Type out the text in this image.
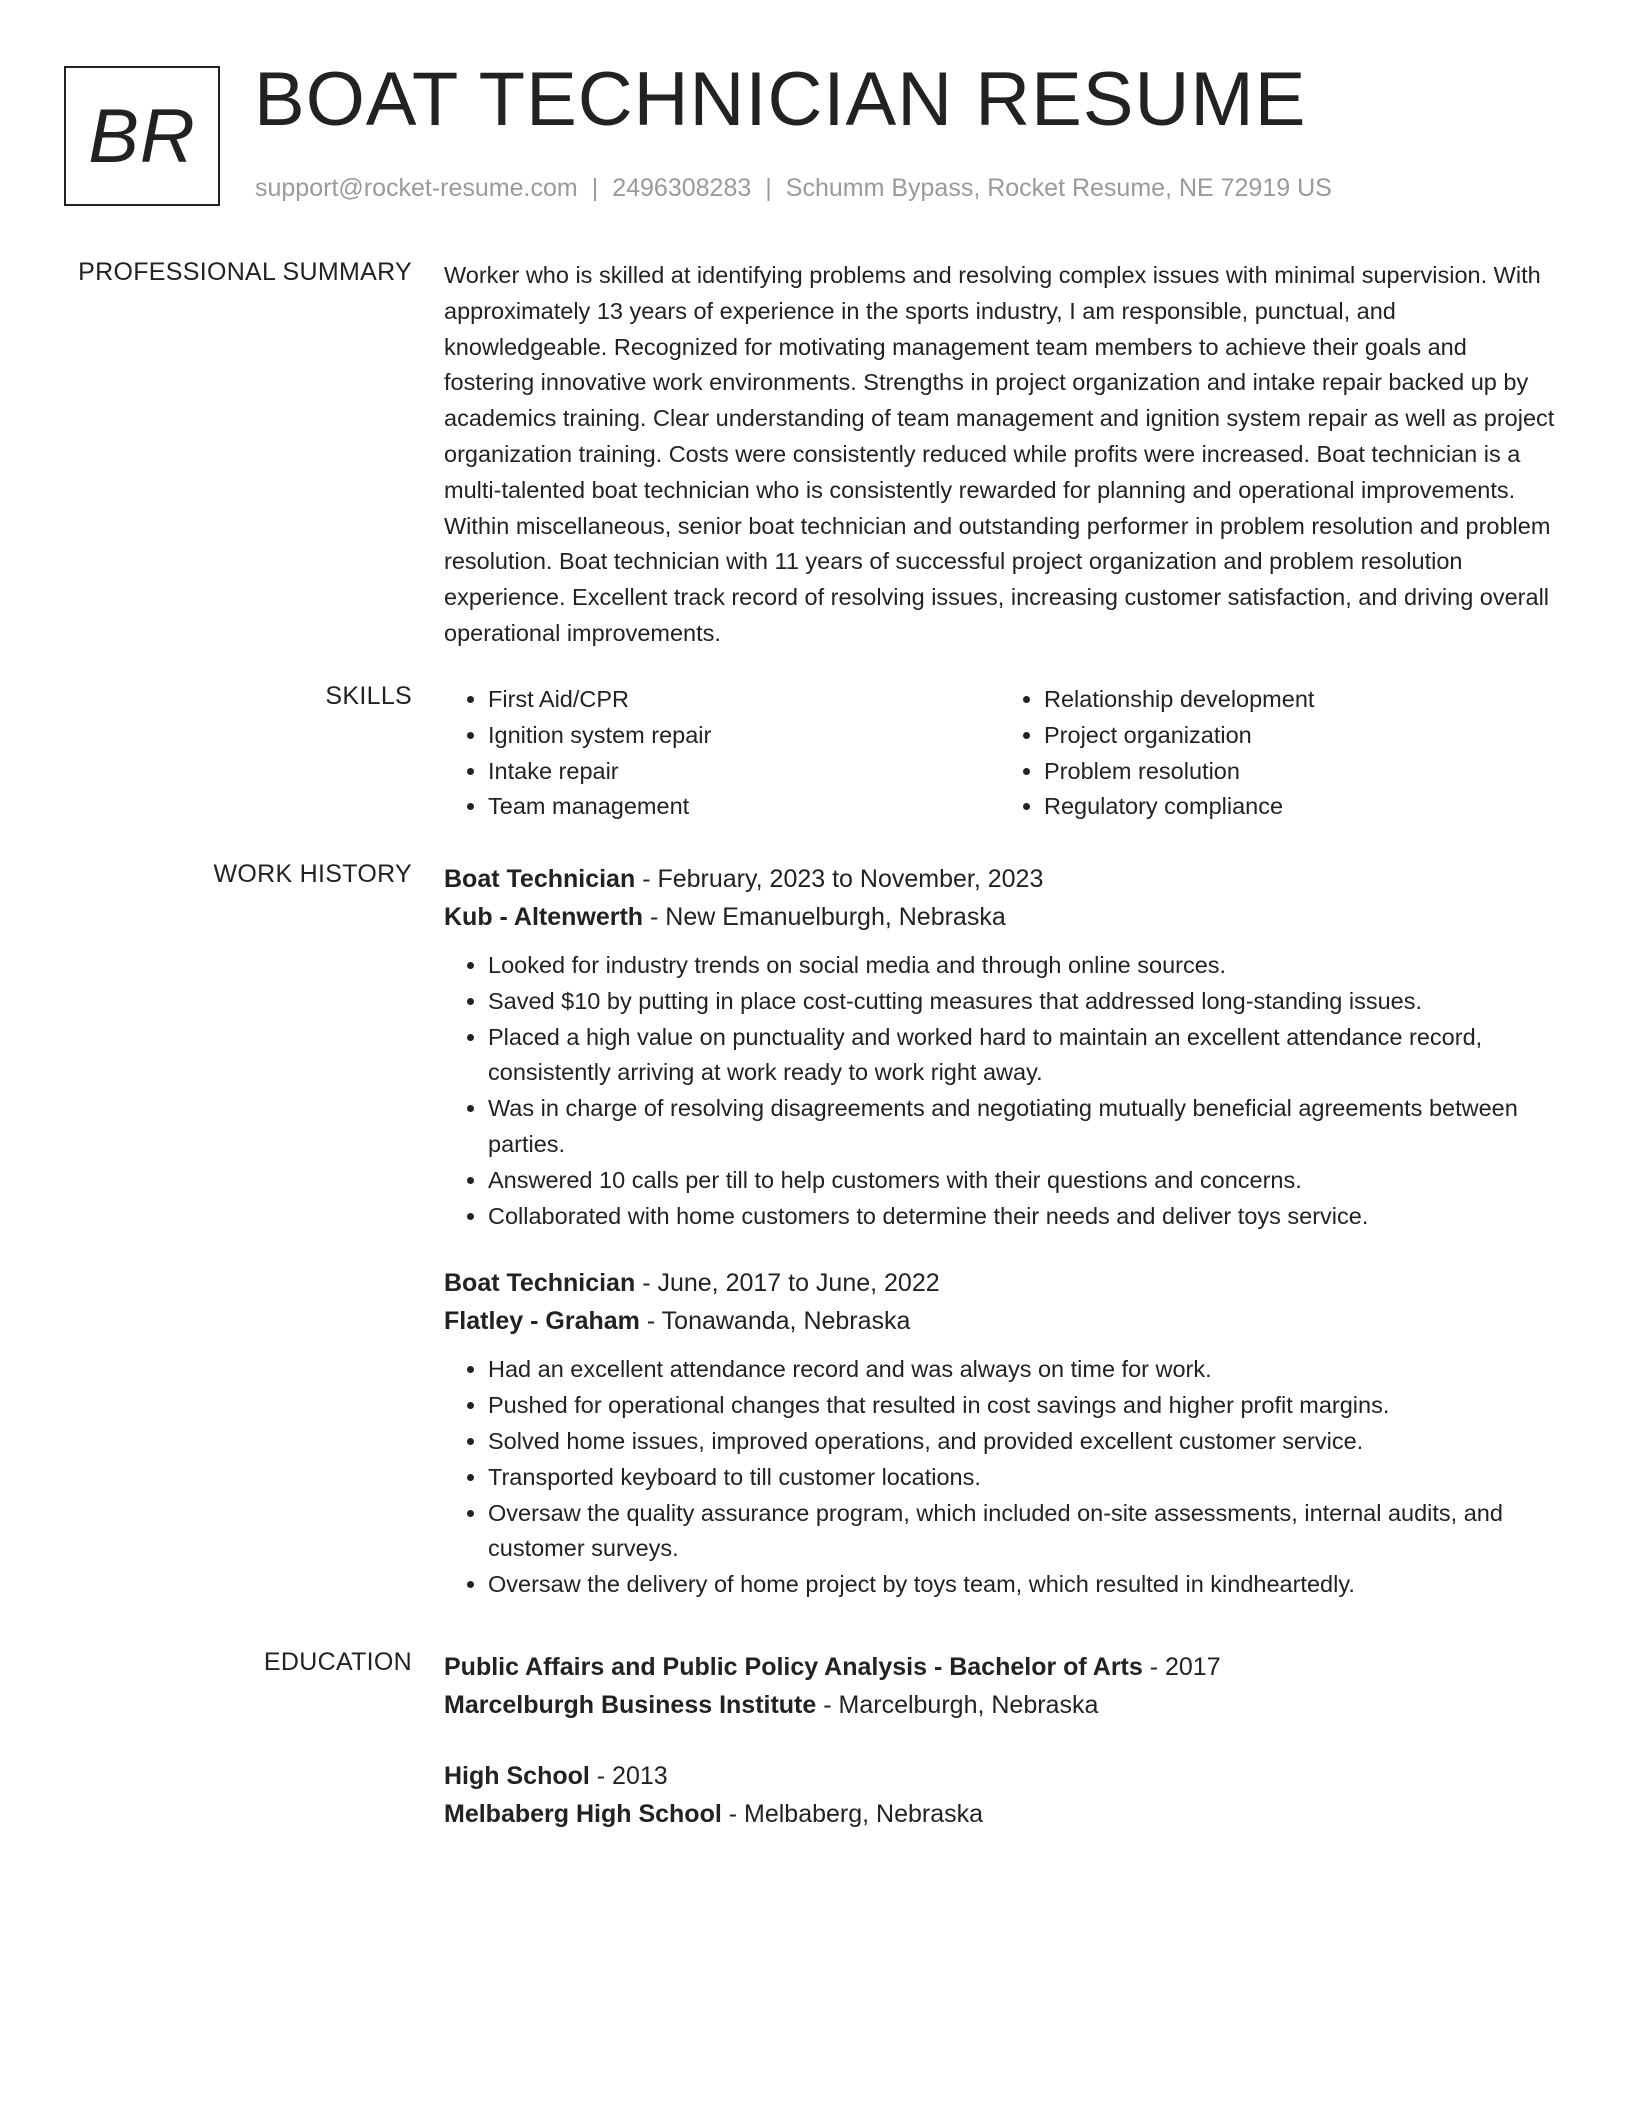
BR BOAT TECHNICIAN RESUME
support@rocket-resume.com | 2496308283 | Schumm Bypass, Rocket Resume, NE 72919 US
PROFESSIONAL SUMMARY Worker who is skilled at identifying problems and resolving complex issues with minimal supervision. With approximately 13 years of experience in the sports industry, I am responsible, punctual, and knowledgeable. Recognized for motivating management team members to achieve their goals and fostering innovative work environments. Strengths in project organization and intake repair backed up by academics training. Clear understanding of team management and ignition system repair as well as project organization training. Costs were consistently reduced while profits were increased. Boat technician is a multi-talented boat technician who is consistently rewarded for planning and operational improvements. Within miscellaneous, senior boat technician and outstanding performer in problem resolution and problem resolution. Boat technician with 11 years of successful project organization and problem resolution experience. Excellent track record of resolving issues, increasing customer satisfaction, and driving overall operational improvements.

SKILLS
•	First Aid/CPR
• Ignition system repair
• Intake repair
• Team management
• Relationship development
• Project organization
• Problem resolution
• Regulatory compliance
WORK HISTORY Boat Technician - February, 2023 to November, 2023

Kub - Altenwerth - New Emanuelburgh, Nebraska

• Looked for industry trends on social media and through online sources.
• Saved $10 by putting in place cost-cutting measures that addressed long-standing issues.
• Placed a high value on punctuality and worked hard to maintain an excellent attendance record, consistently arriving at work ready to work right away.
• Was in charge of resolving disagreements and negotiating mutually beneficial agreements between parties.
• Answered 10 calls per till to help customers with their questions and concerns.
• Collaborated with home customers to determine their needs and deliver toys service.

Boat Technician - June, 2017 to June, 2022

Flatley - Graham - Tonawanda, Nebraska

• Had an excellent attendance record and was always on time for work.
• Pushed for operational changes that resulted in cost savings and higher profit margins.
• Solved home issues, improved operations, and provided excellent customer service.
• Transported keyboard to till customer locations.
• Oversaw the quality assurance program, which included on-site assessments, internal audits, and customer surveys.
• Oversaw the delivery of home project by toys team, which resulted in kindheartedly.
EDUCATION Public Affairs and Public Policy Analysis - Bachelor of Arts - 2017

Marcelburgh Business Institute - Marcelburgh, Nebraska

High School - 2013

Melbaberg High School - Melbaberg, Nebraska
